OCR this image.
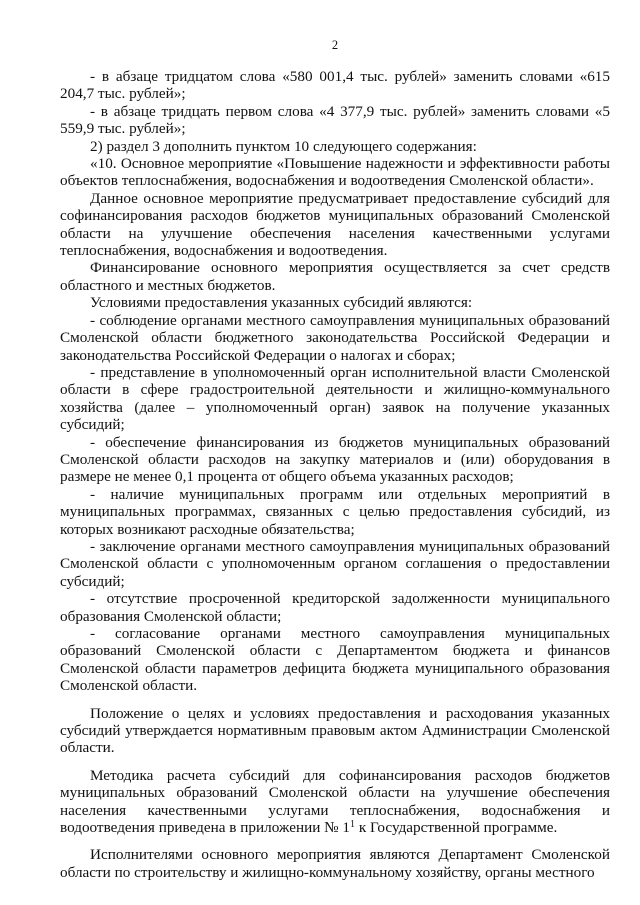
2

- в абзаце тридцатом слова «580 001,4 тыс. рублей» заменить словами «615 204,7 тыс. рублей»;

- в абзаце тридцать первом слова «4 377,9 тыс. рублей» заменить словами «5 559,9 тыс. рублей»;

2) раздел 3 дополнить пунктом 10 следующего содержания:

«10. Основное мероприятие «Повышение надежности и эффективности работы объектов теплоснабжения, водоснабжения и водоотведения Смоленской области».

Данное основное мероприятие предусматривает предоставление субсидий для софинансирования расходов бюджетов муниципальных образований Смоленской области на улучшение обеспечения населения качественными услугами теплоснабжения, водоснабжения и водоотведения.

Финансирование основного мероприятия осуществляется за счет средств областного и местных бюджетов.

Условиями предоставления указанных субсидий являются:

- соблюдение органами местного самоуправления муниципальных образований Смоленской области бюджетного законодательства Российской Федерации и законодательства Российской Федерации о налогах и сборах;

- представление в уполномоченный орган исполнительной власти Смоленской области в сфере градостроительной деятельности и жилищно-коммунального хозяйства (далее – уполномоченный орган) заявок на получение указанных субсидий;

- обеспечение финансирования из бюджетов муниципальных образований Смоленской области расходов на закупку материалов и (или) оборудования в размере не менее 0,1 процента от общего объема указанных расходов;

- наличие муниципальных программ или отдельных мероприятий в муниципальных программах, связанных с целью предоставления субсидий, из которых возникают расходные обязательства;

- заключение органами местного самоуправления муниципальных образований Смоленской области с уполномоченным органом соглашения о предоставлении субсидий;

- отсутствие просроченной кредиторской задолженности муниципального образования Смоленской области;

- согласование органами местного самоуправления муниципальных образований Смоленской области с Департаментом бюджета и финансов Смоленской области параметров дефицита бюджета муниципального образования Смоленской области.

Положение о целях и условиях предоставления и расходования указанных субсидий утверждается нормативным правовым актом Администрации Смоленской области.

Методика расчета субсидий для софинансирования расходов бюджетов муниципальных образований Смоленской области на улучшение обеспечения населения качественными услугами теплоснабжения, водоснабжения и водоотведения приведена в приложении № $1^1$ к Государственной программе.

Исполнителями основного мероприятия являются Департамент Смоленской области по строительству и жилищно-коммунальному хозяйству, органы местного
